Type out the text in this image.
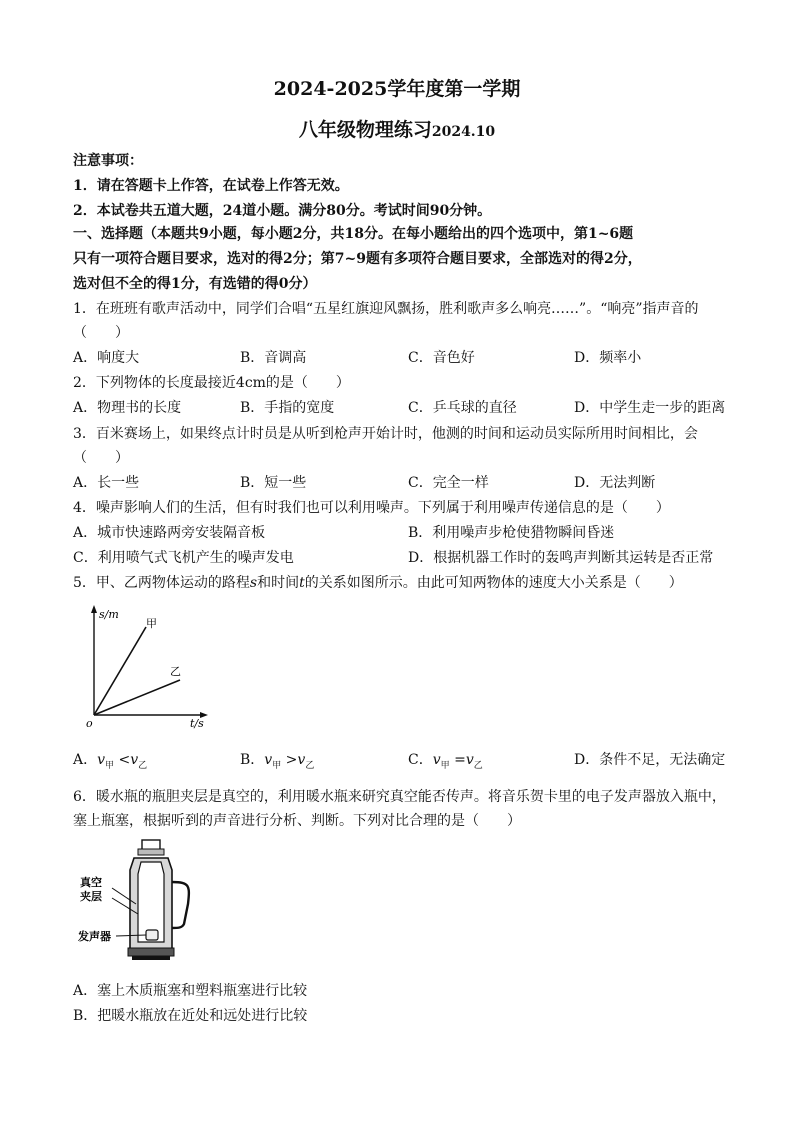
2024-2025学年度第一学期
八年级物理练习2024.10
注意事项：
1．请在答题卡上作答，在试卷上作答无效。
2．本试卷共五道大题，24道小题。满分80分。考试时间90分钟。
一、选择题（本题共9小题，每小题2分，共18分。在每小题给出的四个选项中，第1~6题
只有一项符合题目要求，选对的得2分；第7~9题有多项符合题目要求，全部选对的得2分，
选对但不全的得1分，有选错的得0分）
1．在班班有歌声活动中，同学们合唱“五星红旗迎风飘扬，胜利歌声多么响亮……”。“响亮”指声音的
（　　）
A．响度大	B．音调高	C．音色好	D．频率小
2．下列物体的长度最接近4cm的是（　　）
A．物理书的长度	B．手指的宽度	C．乒乓球的直径	D．中学生走一步的距离
3．百米赛场上，如果终点计时员是从听到枪声开始计时，他测的时间和运动员实际所用时间相比，会
（　　）
A．长一些	B．短一些	C．完全一样	D．无法判断
4．噪声影响人们的生活，但有时我们也可以利用噪声。下列属于利用噪声传递信息的是（　　）
A．城市快速路两旁安装隔音板	B．利用噪声步枪使猎物瞬间昏迷
C．利用喷气式飞机产生的噪声发电	D．根据机器工作时的轰鸣声判断其运转是否正常
5．甲、乙两物体运动的路程s和时间t的关系如图所示。由此可知两物体的速度大小关系是（　　）
s/m
t/s
o
甲
乙
A．$v_甲 <v_乙$	B．$v_甲 >v_乙$	C．$v_甲 =v_乙$	D．条件不足，无法确定
6．暖水瓶的瓶胆夹层是真空的，利用暖水瓶来研究真空能否传声。将音乐贺卡里的电子发声器放入瓶中，
塞上瓶塞，根据听到的声音进行分析、判断。下列对比合理的是（　　）
真空
夹层
发声器
A．塞上木质瓶塞和塑料瓶塞进行比较
B．把暖水瓶放在近处和远处进行比较
